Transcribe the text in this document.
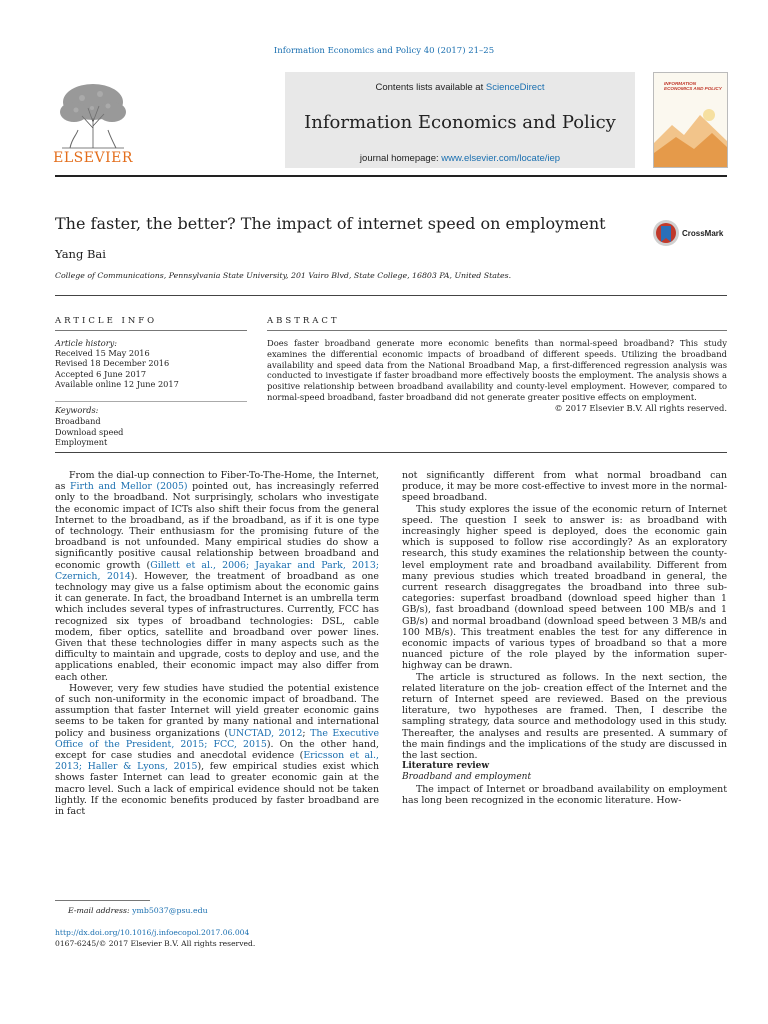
Information Economics and Policy 40 (2017) 21–25
ELSEVIER
Contents lists available at ScienceDirect
Information Economics and Policy
journal homepage: www.elsevier.com/locate/iep
INFORMATION ECONOMICS AND POLICY
The faster, the better? The impact of internet speed on employment
CrossMark
Yang Bai
College of Communications, Pennsylvania State University, 201 Vairo Blvd, State College, 16803 PA, United States.
ARTICLE INFO	ABSTRACT
Article history:
Received 15 May 2016
Revised 18 December 2016
Accepted 6 June 2017
Available online 12 June 2017
Keywords:
Broadband
Download speed
Employment
Does faster broadband generate more economic benefits than normal-speed broadband? This study examines the differential economic impacts of broadband of different speeds. Utilizing the broadband availability and speed data from the National Broadband Map, a first-differenced regression analysis was conducted to investigate if faster broadband more effectively boosts the employment. The analysis shows a positive relationship between broadband availability and county-level employment. However, compared to normal-speed broadband, faster broadband did not generate greater positive effects on employment.
© 2017 Elsevier B.V. All rights reserved.

From the dial-up connection to Fiber-To-The-Home, the Internet, as Firth and Mellor (2005) pointed out, has increasingly referred only to the broadband. Not surprisingly, scholars who investigate the economic impact of ICTs also shift their focus from the general Internet to the broadband, as if the broadband, as if it is one type of technology. Their enthusiasm for the promising future of the broadband is not unfounded. Many empirical studies do show a significantly positive causal relationship between broadband and economic growth (Gillett et al., 2006; Jayakar and Park, 2013; Czernich, 2014). However, the treatment of broadband as one technology may give us a false optimism about the economic gains it can generate. In fact, the broadband Internet is an umbrella term which includes several types of infrastructures. Currently, FCC has recognized six types of broadband technologies: DSL, cable modem, fiber optics, satellite and broadband over power lines. Given that these technologies differ in many aspects such as the difficulty to maintain and upgrade, costs to deploy and use, and the applications enabled, their economic impact may also differ from each other.

However, very few studies have studied the potential existence of such non-uniformity in the economic impact of broadband. The assumption that faster Internet will yield greater economic gains seems to be taken for granted by many national and international policy and business organizations (UNCTAD, 2012; The Executive Office of the President, 2015; FCC, 2015). On the other hand, except for case studies and anecdotal evidence (Ericsson et al., 2013; Haller & Lyons, 2015), few empirical studies exist which shows faster Internet can lead to greater economic gain at the macro level. Such a lack of empirical evidence should not be taken lightly. If the economic benefits produced by faster broadband are in fact

not significantly different from what normal broadband can produce, it may be more cost-effective to invest more in the normal-speed broadband.

This study explores the issue of the economic return of Internet speed. The question I seek to answer is: as broadband with increasingly higher speed is deployed, does the economic gain which is supposed to follow rise accordingly? As an exploratory research, this study examines the relationship between the county-level employment rate and broadband availability. Different from many previous studies which treated broadband in general, the current research disaggregates the broadband into three sub-categories: superfast broadband (download speed higher than 1 GB/s), fast broadband (download speed between 100 MB/s and 1 GB/s) and normal broadband (download speed between 3 MB/s and 100 MB/s). This treatment enables the test for any difference in economic impacts of various types of broadband so that a more nuanced picture of the role played by the information super-highway can be drawn.

The article is structured as follows. In the next section, the related literature on the job- creation effect of the Internet and the return of Internet speed are reviewed. Based on the previous literature, two hypotheses are framed. Then, I describe the sampling strategy, data source and methodology used in this study. Thereafter, the analyses and results are presented. A summary of the main findings and the implications of the study are discussed in the last section.

Literature review

Broadband and employment

The impact of Internet or broadband availability on employment has long been recognized in the economic literature. How-

E-mail address: ymb5037@psu.edu
http://dx.doi.org/10.1016/j.infoecopol.2017.06.004
0167-6245/© 2017 Elsevier B.V. All rights reserved.
